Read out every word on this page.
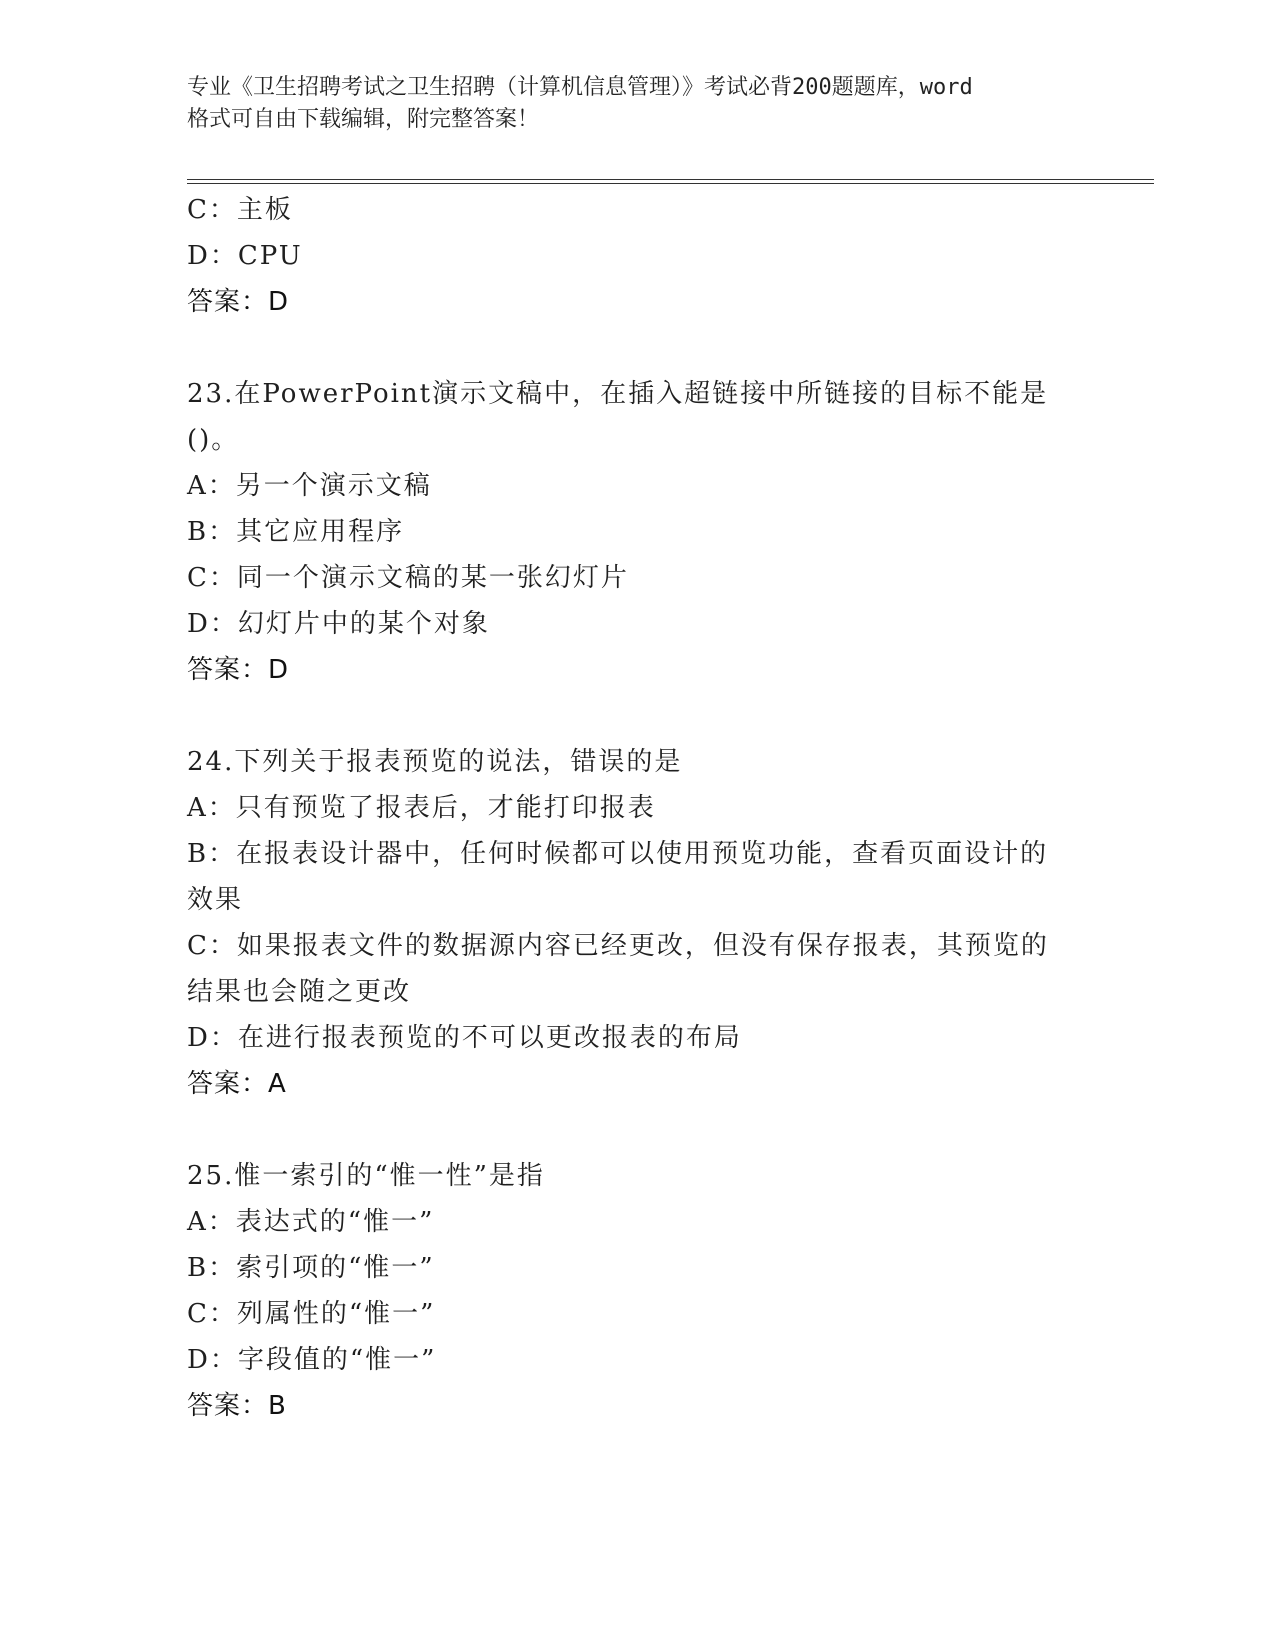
专业《卫生招聘考试之卫生招聘（计算机信息管理）》考试必背200题题库，word
格式可自由下载编辑，附完整答案！
C：主板
D：CPU
答案：D
23.在PowerPoint演示文稿中，在插入超链接中所链接的目标不能是
()。
A：另一个演示文稿
B：其它应用程序
C：同一个演示文稿的某一张幻灯片
D：幻灯片中的某个对象
答案：D
24.下列关于报表预览的说法，错误的是
A：只有预览了报表后，才能打印报表
B：在报表设计器中，任何时候都可以使用预览功能，查看页面设计的
效果
C：如果报表文件的数据源内容已经更改，但没有保存报表，其预览的
结果也会随之更改
D：在进行报表预览的不可以更改报表的布局
答案：A
25.惟一索引的“惟一性”是指
A：表达式的“惟一”
B：索引项的“惟一”
C：列属性的“惟一”
D：字段值的“惟一”
答案：B
